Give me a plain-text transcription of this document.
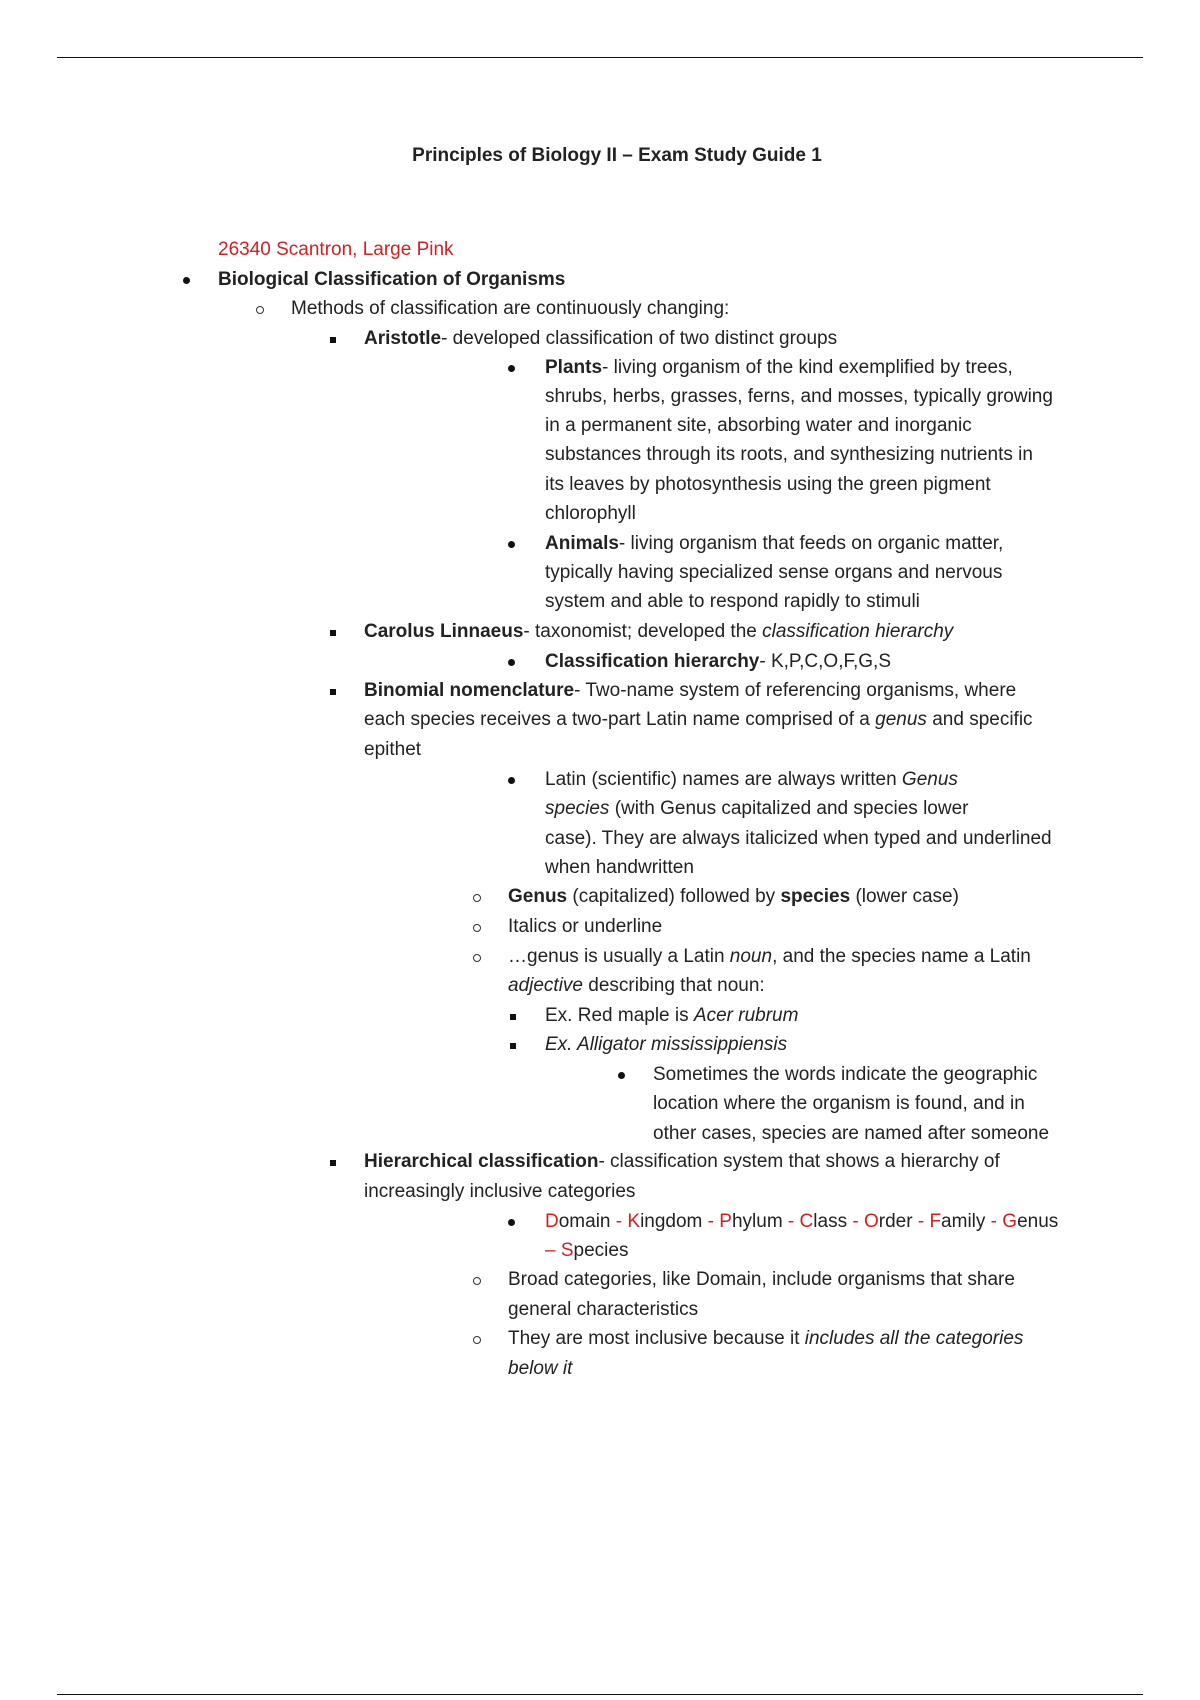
Principles of Biology II – Exam Study Guide 1
26340 Scantron, Large Pink
Biological Classification of Organisms
Methods of classification are continuously changing:
Aristotle- developed classification of two distinct groups
Plants- living organism of the kind exemplified by trees,
shrubs, herbs, grasses, ferns, and mosses, typically growing
in a permanent site, absorbing water and inorganic
substances through its roots, and synthesizing nutrients in
its leaves by photosynthesis using the green pigment
chlorophyll
Animals- living organism that feeds on organic matter,
typically having specialized sense organs and nervous
system and able to respond rapidly to stimuli
Carolus Linnaeus- taxonomist; developed the classification hierarchy
Classification hierarchy- K,P,C,O,F,G,S
Binomial nomenclature- Two-name system of referencing organisms, where
each species receives a two-part Latin name comprised of a genus and specific
epithet
Latin (scientific) names are always written Genus
species (with Genus capitalized and species lower
case). They are always italicized when typed and underlined
when handwritten
Genus (capitalized) followed by species (lower case)
Italics or underline
…genus is usually a Latin noun, and the species name a Latin
adjective describing that noun:
Ex. Red maple is Acer rubrum
Ex. Alligator mississippiensis
Sometimes the words indicate the geographic
location where the organism is found, and in
other cases, species are named after someone
Hierarchical classification- classification system that shows a hierarchy of
increasingly inclusive categories
Domain - Kingdom - Phylum - Class - Order - Family - Genus
– Species
Broad categories, like Domain, include organisms that share
general characteristics
They are most inclusive because it includes all the categories
below it
